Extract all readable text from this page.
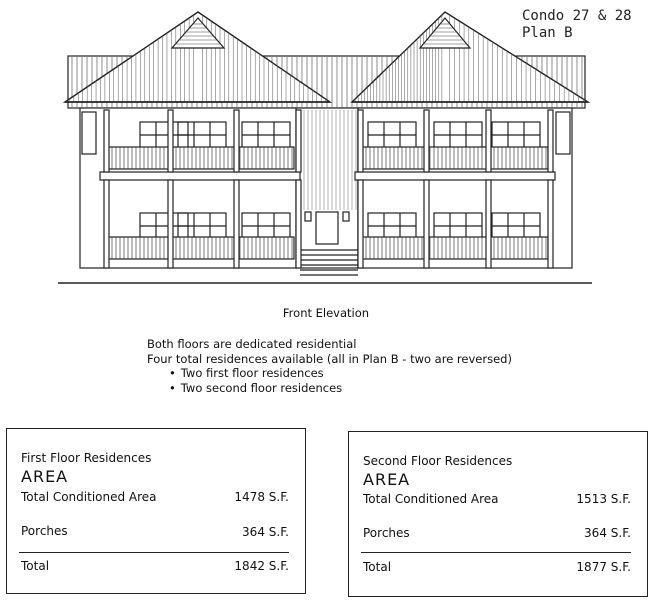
Condo 27 & 28
Plan B
Front Elevation
Both floors are dedicated residential
Four total residences available (all in Plan B - two are reversed)
• Two first floor residences
• Two second floor residences
First Floor Residences
AREA
Total Conditioned Area	1478 S.F.
Porches	364 S.F.
Total	1842 S.F.
Second Floor Residences
AREA
Total Conditioned Area	1513 S.F.
Porches	364 S.F.
Total	1877 S.F.
